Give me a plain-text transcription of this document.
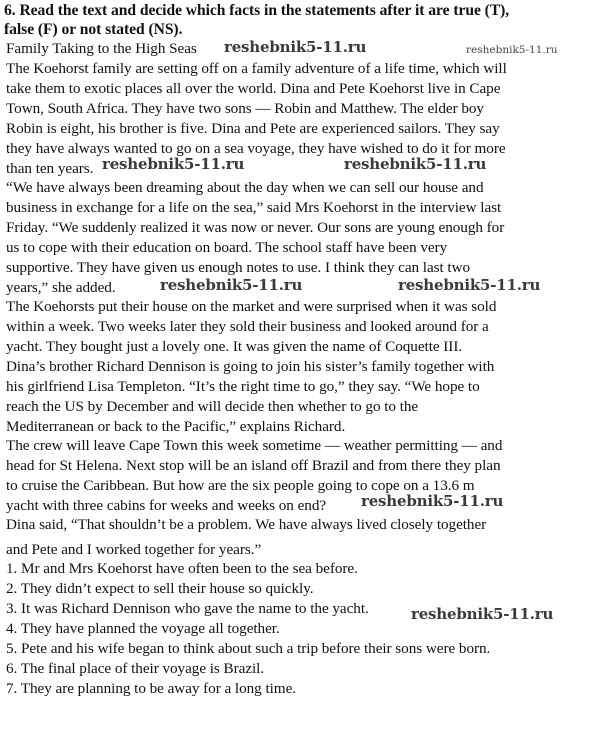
6. Read the text and decide which facts in the statements after it are true (T),
false (F) or not stated (NS).
Family Taking to the High Seas reshebnik5-11.ru	reshebnik5-11.ru
The Koehorst family are setting off on a family adventure of a life time, which will
take them to exotic places all over the world. Dina and Pete Koehorst live in Cape
Town, South Africa. They have two sons — Robin and Matthew. The elder boy
Robin is eight, his brother is five. Dina and Pete are experienced sailors. They say
they have always wanted to go on a sea voyage, they have wished to do it for more
than ten years. reshebnik5-11.ru	reshebnik5-11.ru
“We have always been dreaming about the day when we can sell our house and
business in exchange for a life on the sea,” said Mrs Koehorst in the interview last
Friday. “We suddenly realized it was now or never. Our sons are young enough for
us to cope with their education on board. The school staff have been very
supportive. They have given us enough notes to use. I think they can last two
years,” she added.	reshebnik5-11.ru	reshebnik5-11.ru
The Koehorsts put their house on the market and were surprised when it was sold
within a week. Two weeks later they sold their business and looked around for a
yacht. They bought just a lovely one. It was given the name of Coquette III.
Dina’s brother Richard Dennison is going to join his sister’s family together with
his girlfriend Lisa Templeton. “It’s the right time to go,” they say. “We hope to
reach the US by December and will decide then whether to go to the
Mediterranean or back to the Pacific,” explains Richard.
The crew will leave Cape Town this week sometime — weather permitting — and
head for St Helena. Next stop will be an island off Brazil and from there they plan
to cruise the Caribbean. But how are the six people going to cope on a 13.6 m
yacht with three cabins for weeks and weeks on end? reshebnik5-11.ru
Dina said, “That shouldn’t be a problem. We have always lived closely together
and Pete and I worked together for years.”
1. Mr and Mrs Koehorst have often been to the sea before.
2. They didn’t expect to sell their house so quickly.
3. It was Richard Dennison who gave the name to the yacht.	reshebnik5-11.ru
4. They have planned the voyage all together.
5. Pete and his wife began to think about such a trip before their sons were born.
6. The final place of their voyage is Brazil.
7. They are planning to be away for a long time.
